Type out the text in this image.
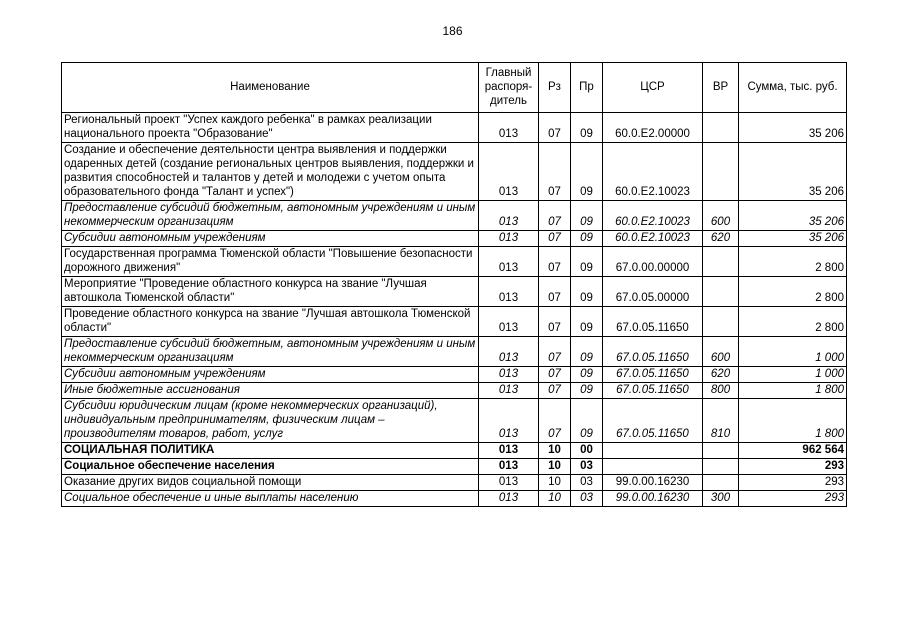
186
Наименование	Главный распоря-дитель	Рз	Пр	ЦСР	ВР	Сумма, тыс. руб.
Региональный проект "Успех каждого ребенка" в рамках реализации национального проекта "Образование"	013	07	09	60.0.E2.00000		35 206
Создание и обеспечение деятельности центра выявления и поддержки одаренных детей (создание региональных центров выявления, поддержки и развития способностей и талантов у детей и молодежи с учетом опыта образовательного фонда "Талант и успех")	013	07	09	60.0.E2.10023		35 206
Предоставление субсидий бюджетным, автономным учреждениям и иным некоммерческим организациям	013	07	09	60.0.E2.10023	600	35 206
Субсидии автономным учреждениям	013	07	09	60.0.E2.10023	620	35 206
Государственная программа Тюменской области "Повышение безопасности дорожного движения"	013	07	09	67.0.00.00000		2 800
Мероприятие "Проведение областного конкурса на звание "Лучшая автошкола Тюменской области"	013	07	09	67.0.05.00000		2 800
Проведение областного конкурса на звание "Лучшая автошкола Тюменской области"	013	07	09	67.0.05.11650		2 800
Предоставление субсидий бюджетным, автономным учреждениям и иным некоммерческим организациям	013	07	09	67.0.05.11650	600	1 000
Субсидии автономным учреждениям	013	07	09	67.0.05.11650	620	1 000
Иные бюджетные ассигнования	013	07	09	67.0.05.11650	800	1 800
Субсидии юридическим лицам (кроме некоммерческих организаций), индивидуальным предпринимателям, физическим лицам – производителям товаров, работ, услуг	013	07	09	67.0.05.11650	810	1 800
СОЦИАЛЬНАЯ ПОЛИТИКА	013	10	00			962 564
Социальное обеспечение населения	013	10	03			293
Оказание других видов социальной помощи	013	10	03	99.0.00.16230		293
Социальное обеспечение и иные выплаты населению	013	10	03	99.0.00.16230	300	293
